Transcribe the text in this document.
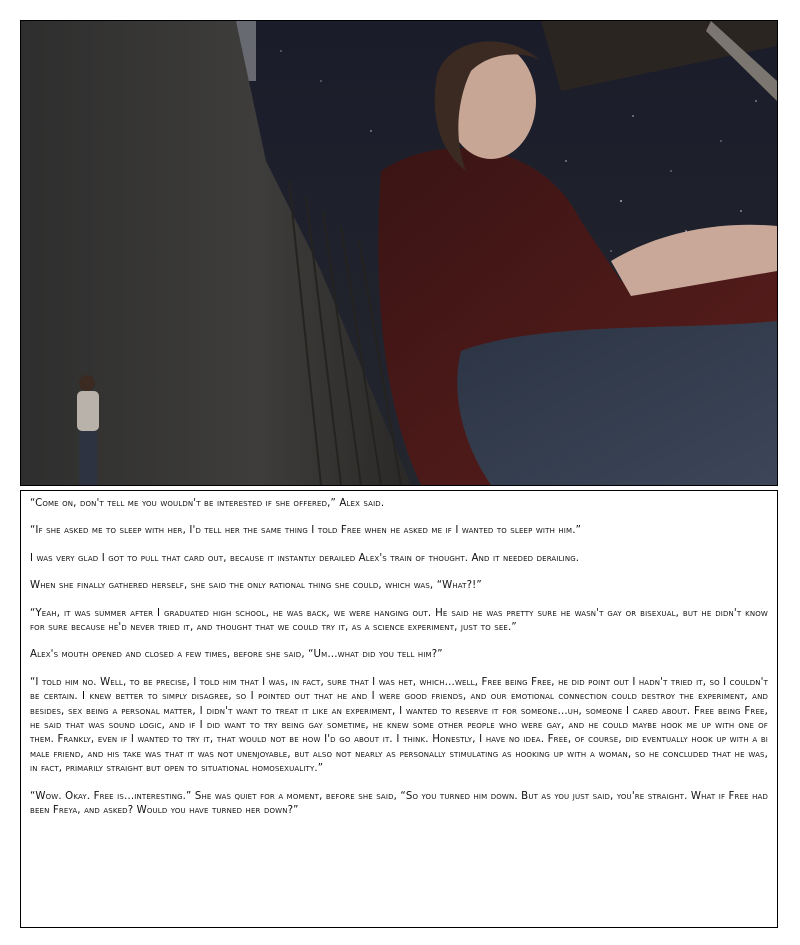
“Come on, don't tell me you wouldn't be interested if she offered,” Alex said.

“If she asked me to sleep with her, I'd tell her the same thing I told Free when he asked me if I wanted to sleep with him.”

I was very glad I got to pull that card out, because it instantly derailed Alex's train of thought. And it needed derailing.

When she finally gathered herself, she said the only rational thing she could, which was, “What?!”

“Yeah, it was summer after I graduated high school, he was back, we were hanging out. He said he was pretty sure he wasn't gay or bisexual, but he didn't know for sure because he'd never tried it, and thought that we could try it, as a science experiment, just to see.”

Alex's mouth opened and closed a few times, before she said, “Um…what did you tell him?”

“I told him no. Well, to be precise, I told him that I was, in fact, sure that I was het, which…well, Free being Free, he did point out I hadn't tried it, so I couldn't be certain. I knew better to simply disagree, so I pointed out that he and I were good friends, and our emotional connection could destroy the experiment, and besides, sex being a personal matter, I didn't want to treat it like an experiment, I wanted to reserve it for someone…uh, someone I cared about. Free being Free, he said that was sound logic, and if I did want to try being gay sometime, he knew some other people who were gay, and he could maybe hook me up with one of them. Frankly, even if I wanted to try it, that would not be how I'd go about it. I think. Honestly, I have no idea. Free, of course, did eventually hook up with a bi male friend, and his take was that it was not unenjoyable, but also not nearly as personally stimulating as hooking up with a woman, so he concluded that he was, in fact, primarily straight but open to situational homosexuality.”

“Wow. Okay. Free is…interesting.” She was quiet for a moment, before she said, “So you turned him down. But as you just said, you're straight. What if Free had been Freya, and asked? Would you have turned her down?”
